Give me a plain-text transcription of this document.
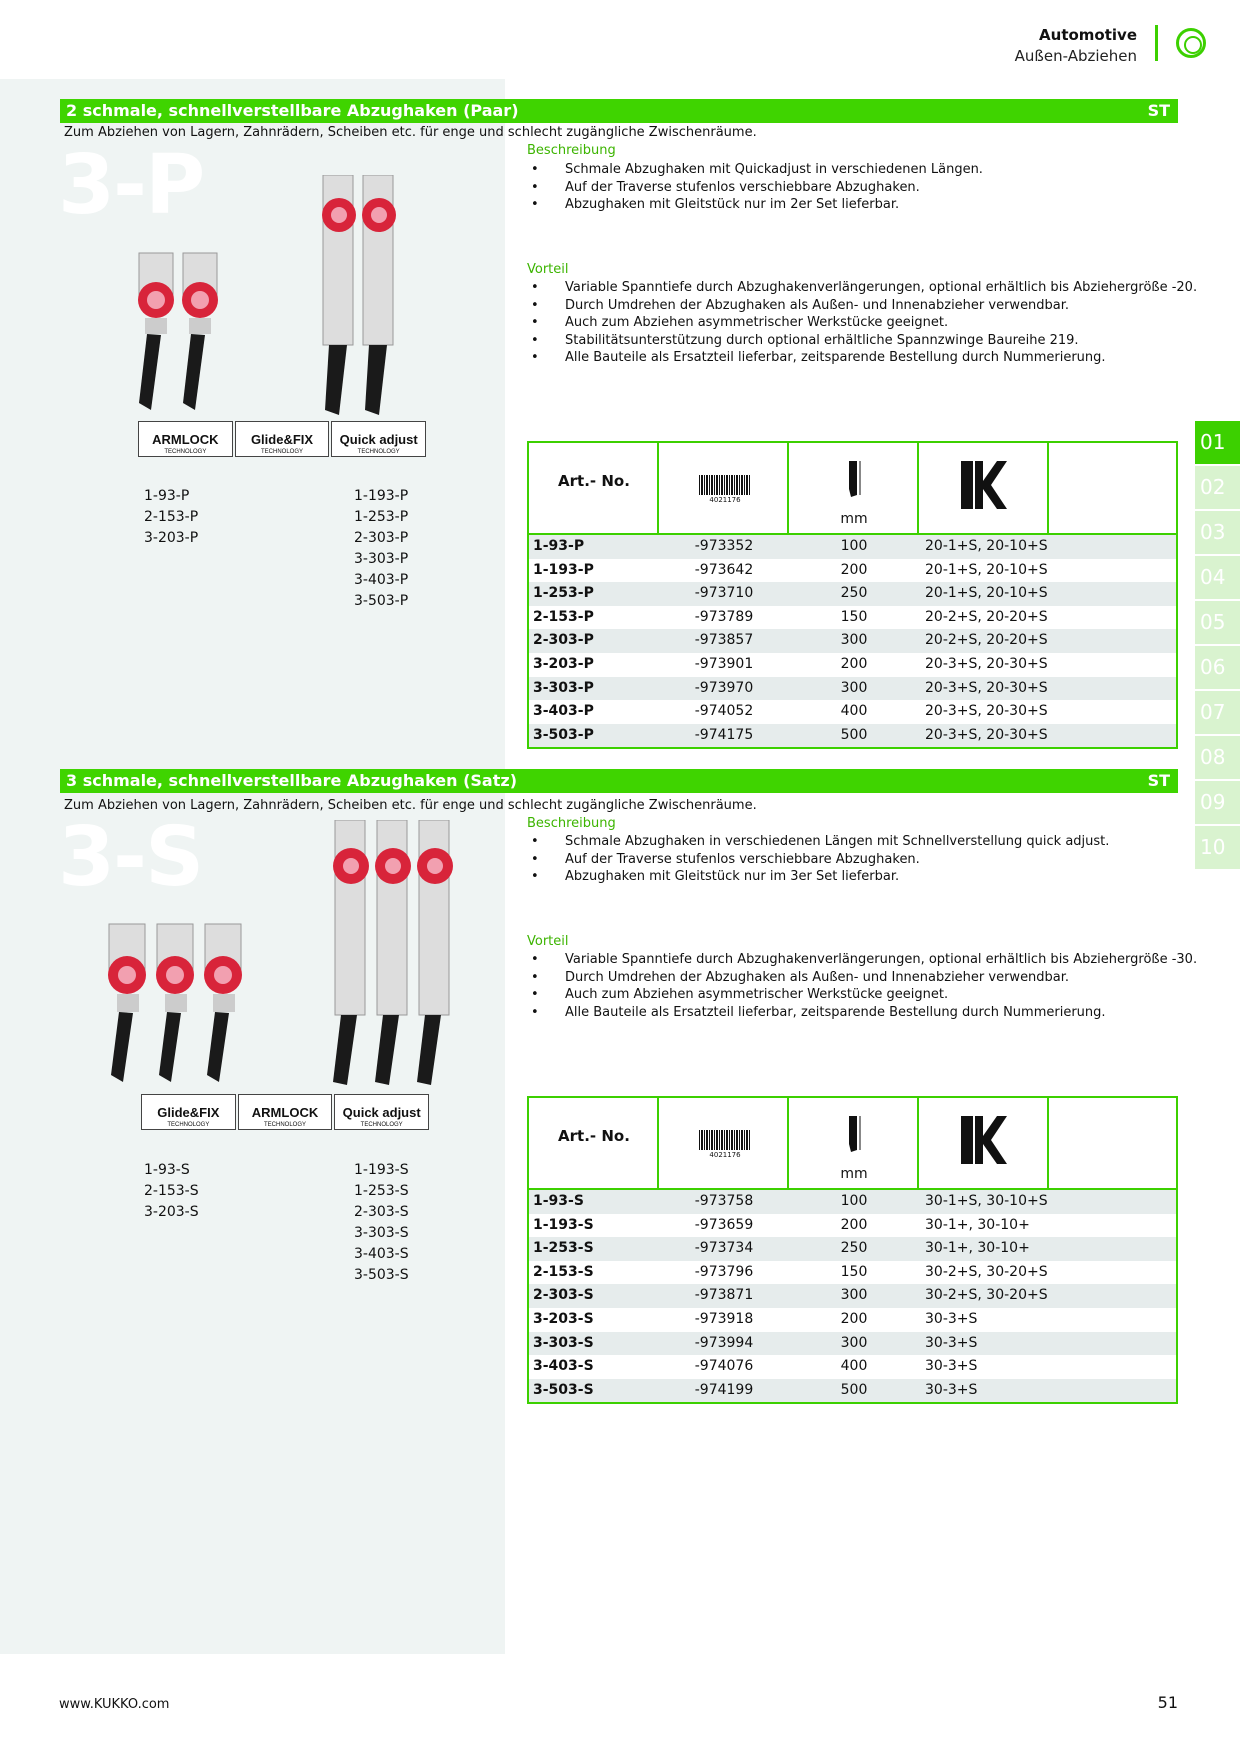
Automotive
Außen-Abziehen
2 schmale, schnellverstellbare Abzughaken (Paar)	ST
Zum Abziehen von Lagern, Zahnrädern, Scheiben etc. für enge und schlecht zugängliche Zwischenräume.
3-P	Beschreibung
• Schmale Abzughaken mit Quickadjust in verschiedenen Längen.
• Auf der Traverse stufenlos verschiebbare Abzughaken.
• Abzughaken mit Gleitstück nur im 2er Set lieferbar.
Vorteil
• Variable Spanntiefe durch Abzughakenverlängerungen, optional erhältlich bis Abziehergröße -20.
• Durch Umdrehen der Abzughaken als Außen- und Innenabzieher verwendbar.
• Auch zum Abziehen asymmetrischer Werkstücke geeignet.
• Stabilitätsunterstützung durch optional erhältliche Spannzwinge Baureihe 219.
• Alle Bauteile als Ersatzteil lieferbar, zeitsparende Bestellung durch Nummerierung.
ARMLOCK
TECHNOLOGY
Glide&FIX
TECHNOLOGY
Quick adjust
TECHNOLOGY
1-93-P
2-153-P
3-203-P
1-193-P
1-253-P
2-303-P
3-303-P
3-403-P
3-503-P
Art.- No.
4021176
mm
1-93-P	-973352	100	20-1+S, 20-10+S
1-193-P	-973642	200	20-1+S, 20-10+S
1-253-P	-973710	250	20-1+S, 20-10+S
2-153-P	-973789	150	20-2+S, 20-20+S
2-303-P	-973857	300	20-2+S, 20-20+S
3-203-P	-973901	200	20-3+S, 20-30+S
3-303-P	-973970	300	20-3+S, 20-30+S
3-403-P	-974052	400	20-3+S, 20-30+S
3-503-P	-974175	500	20-3+S, 20-30+S
3 schmale, schnellverstellbare Abzughaken (Satz)	ST
Zum Abziehen von Lagern, Zahnrädern, Scheiben etc. für enge und schlecht zugängliche Zwischenräume.
3-S	Beschreibung
• Schmale Abzughaken in verschiedenen Längen mit Schnellverstellung quick adjust.
• Auf der Traverse stufenlos verschiebbare Abzughaken.
• Abzughaken mit Gleitstück nur im 3er Set lieferbar.
Vorteil
• Variable Spanntiefe durch Abzughakenverlängerungen, optional erhältlich bis Abziehergröße -30.
• Durch Umdrehen der Abzughaken als Außen- und Innenabzieher verwendbar.
• Auch zum Abziehen asymmetrischer Werkstücke geeignet.
• Alle Bauteile als Ersatzteil lieferbar, zeitsparende Bestellung durch Nummerierung.
Glide&FIX
TECHNOLOGY
ARMLOCK
TECHNOLOGY
Quick adjust
TECHNOLOGY
1-93-S
2-153-S
3-203-S
1-193-S
1-253-S
2-303-S
3-303-S
3-403-S
3-503-S
Art.- No.
4021176
mm
1-93-S	-973758	100	30-1+S, 30-10+S
1-193-S	-973659	200	30-1+, 30-10+
1-253-S	-973734	250	30-1+, 30-10+
2-153-S	-973796	150	30-2+S, 30-20+S
2-303-S	-973871	300	30-2+S, 30-20+S
3-203-S	-973918	200	30-3+S
3-303-S	-973994	300	30-3+S
3-403-S	-974076	400	30-3+S
3-503-S	-974199	500	30-3+S
01
02
03
04
05
06
07
08
09
10
www.KUKKO.com	51
